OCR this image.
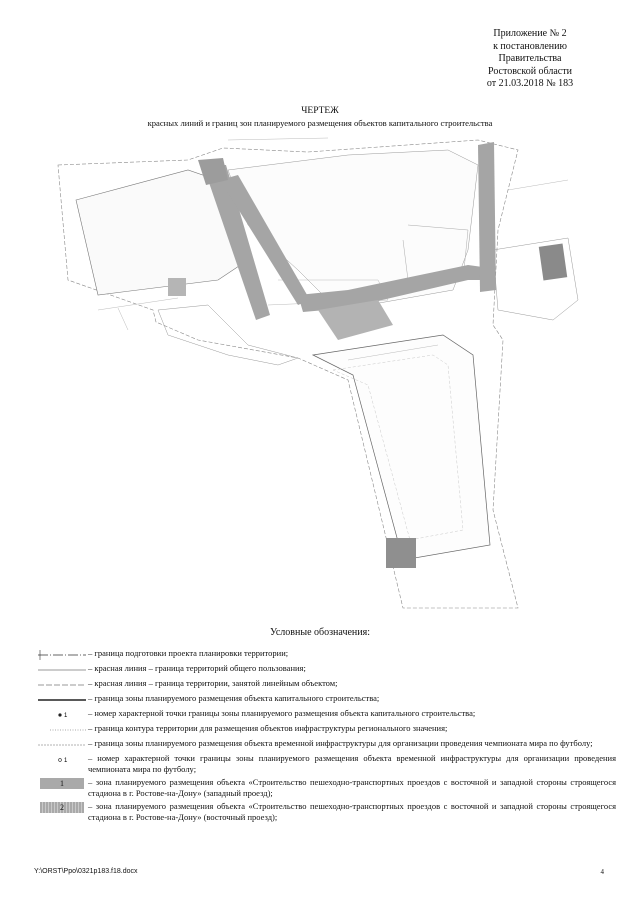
Приложение № 2
к постановлению
Правительства
Ростовской области
от 21.03.2018 № 183
ЧЕРТЕЖ
красных линий и границ зон планируемого размещения объектов капитального строительства
Условные обозначения:
– граница подготовки проекта планировки территории;
– красная линия – граница территорий общего пользования;
– красная линия – граница территории, занятой линейным объектом;
– граница зоны планируемого размещения объекта капитального строительства;
1 – номер характерной точки границы зоны планируемого размещения объекта капитального строительства;
– граница контура территории для размещения объектов инфраструктуры регионального значения;
– граница зоны планируемого размещения объекта временной инфраструктуры для организации проведения чемпионата мира по футболу;
1 – номер характерной точки границы зоны планируемого размещения объекта временной инфраструктуры для организации проведения чемпионата мира по футболу;
1	– зона планируемого размещения объекта «Строительство пешеходно-транспортных проездов с восточной и западной стороны строящегося стадиона в г. Ростове-на-Дону» (западный проезд);
2	– зона планируемого размещения объекта «Строительство пешеходно-транспортных проездов с восточной и западной стороны строящегося стадиона в г. Ростове-на-Дону» (восточный проезд);
Y:\ORST\Ppo\0321p183.f18.docx	4
